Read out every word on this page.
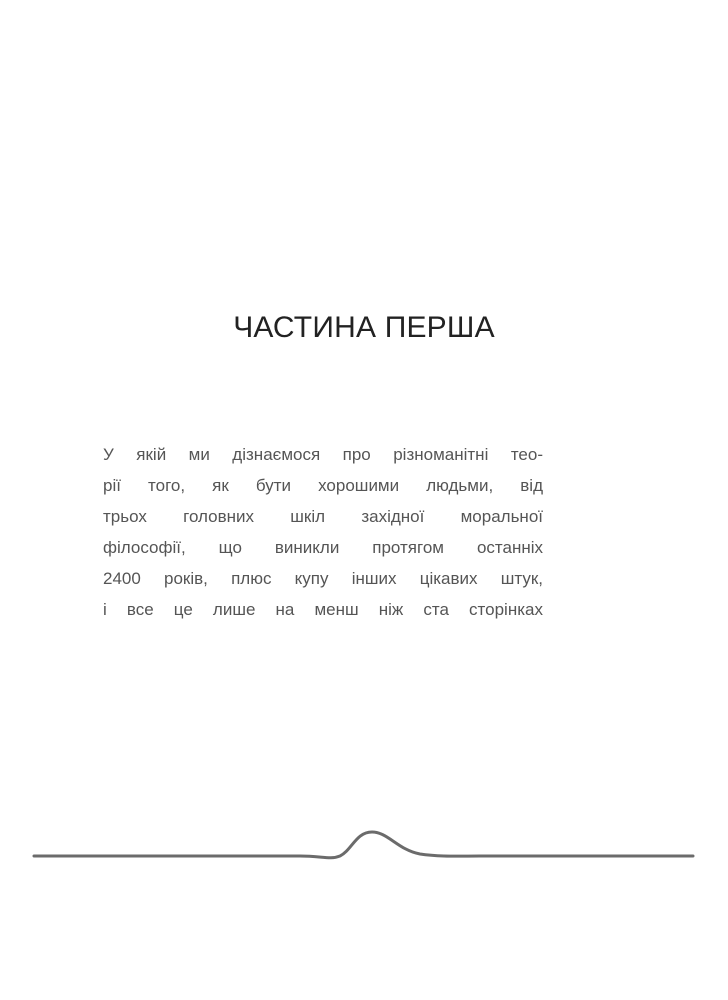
ЧАСТИНА ПЕРША

У якій ми дізнаємося про різноманітні тео-
рії того, як бути хорошими людьми, від
трьох головних шкіл західної моральної
філософії, що виникли протягом останніх
2400 років, плюс купу інших цікавих штук,
і все це лише на менш ніж ста сторінках
